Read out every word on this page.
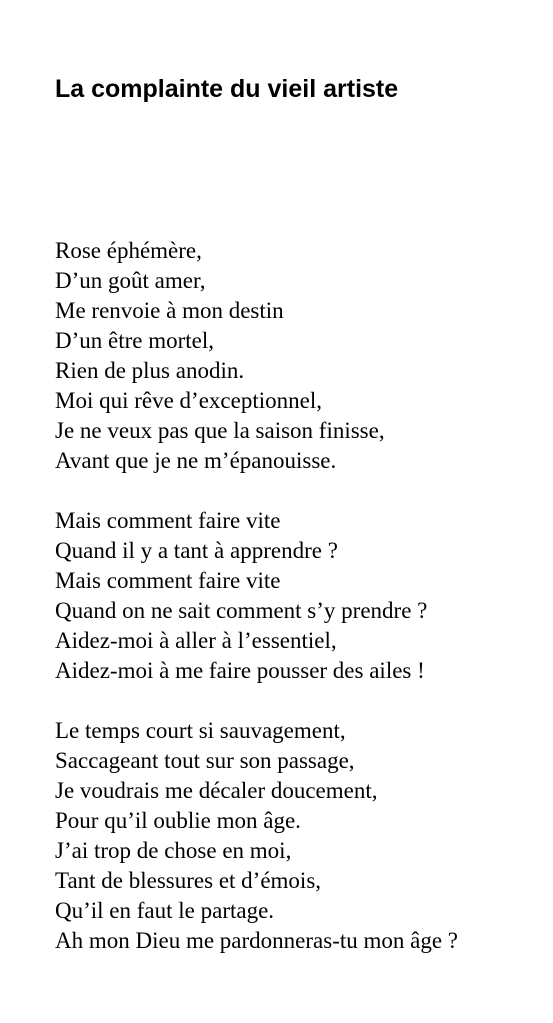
La complainte du vieil artiste
Rose éphémère,
D’un goût amer,
Me renvoie à mon destin
D’un être mortel,
Rien de plus anodin.
Moi qui rêve d’exceptionnel,
Je ne veux pas que la saison finisse,
Avant que je ne m’épanouisse.
Mais comment faire vite
Quand il y a tant à apprendre ?
Mais comment faire vite
Quand on ne sait comment s’y prendre ?
Aidez-moi à aller à l’essentiel,
Aidez-moi à me faire pousser des ailes !
Le temps court si sauvagement,
Saccageant tout sur son passage,
Je voudrais me décaler doucement,
Pour qu’il oublie mon âge.
J’ai trop de chose en moi,
Tant de blessures et d’émois,
Qu’il en faut le partage.
Ah mon Dieu me pardonneras-tu mon âge ?
